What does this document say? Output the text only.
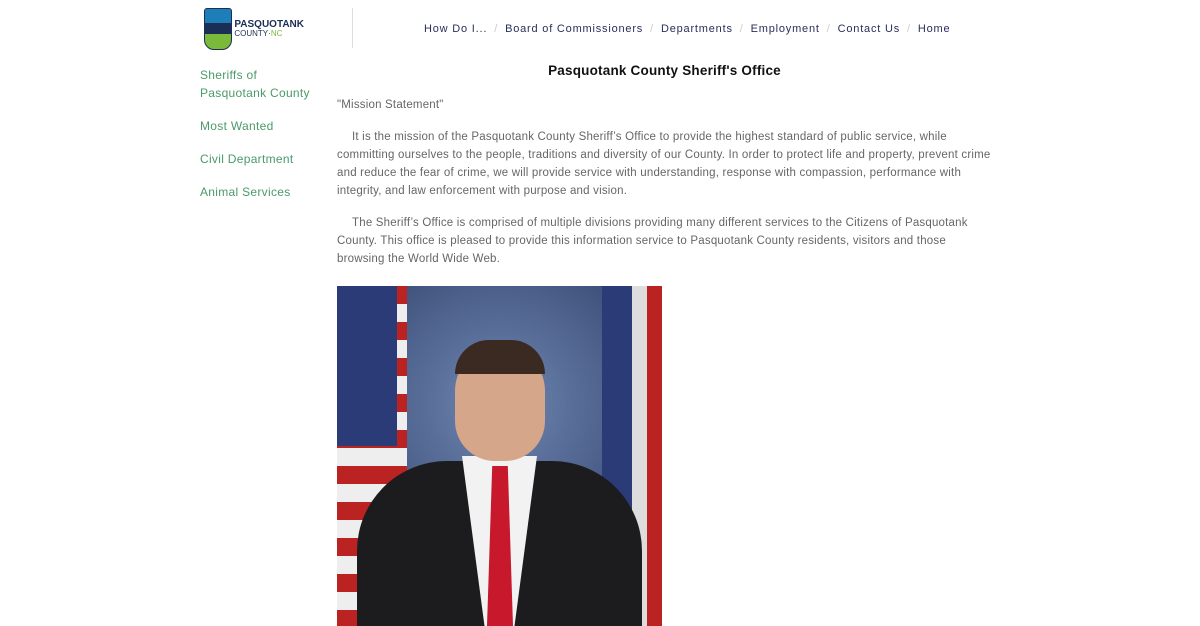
PASQUOTANK
COUNTY·NC	How Do I... / Board of Commissioners / Departments / Employment / Contact Us / Home
Sheriffs of Pasquotank County
Most Wanted
Civil Department
Animal Services
Pasquotank County Sheriff's Office

"Mission Statement"

It is the mission of the Pasquotank County Sheriff’s Office to provide the highest standard of public service, while committing ourselves to the people, traditions and diversity of our County. In order to protect life and property, prevent crime and reduce the fear of crime, we will provide service with understanding, response with compassion, performance with integrity, and law enforcement with purpose and vision.

The Sheriff’s Office is comprised of multiple divisions providing many different services to the Citizens of Pasquotank County. This office is pleased to provide this information service to Pasquotank County residents, visitors and those browsing the World Wide Web.
